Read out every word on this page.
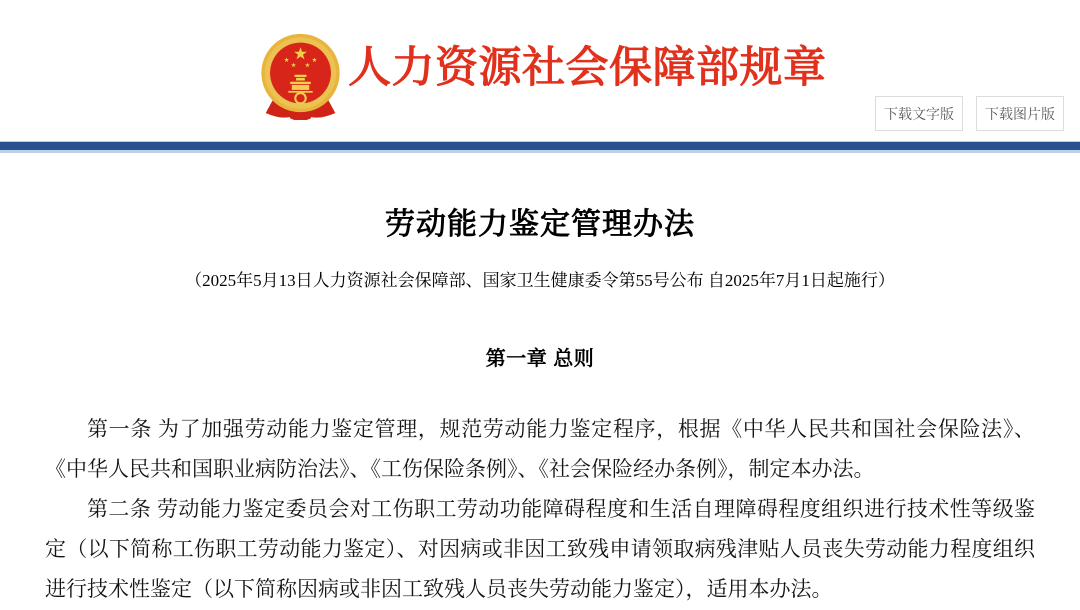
人力资源社会保障部规章
下载文字版	下载图片版
劳动能力鉴定管理办法

（2025年5月13日人力资源社会保障部、国家卫生健康委令第55号公布 自2025年7月1日起施行）

第一章 总则

第一条 为了加强劳动能力鉴定管理，规范劳动能力鉴定程序，根据《中华人民共和国社会保险法》、《中华人民共和国职业病防治法》、《工伤保险条例》、《社会保险经办条例》，制定本办法。

第二条 劳动能力鉴定委员会对工伤职工劳动功能障碍程度和生活自理障碍程度组织进行技术性等级鉴定（以下简称工伤职工劳动能力鉴定）、对因病或非因工致残申请领取病残津贴人员丧失劳动能力程度组织进行技术性鉴定（以下简称因病或非因工致残人员丧失劳动能力鉴定），适用本办法。
